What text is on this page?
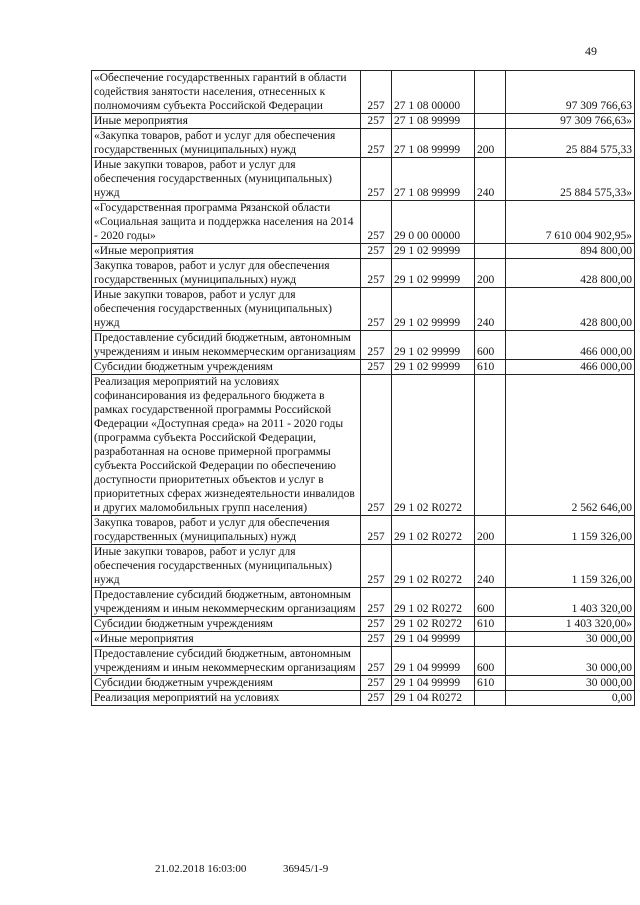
49
«Обеспечение государственных гарантий в области содействия занятости населения, отнесенных к полномочиям субъекта Российской Федерации	257	27 1 08 00000		97 309 766,63
Иные мероприятия	257	27 1 08 99999		97 309 766,63»
«Закупка товаров, работ и услуг для обеспечения государственных (муниципальных) нужд	257	27 1 08 99999	200	25 884 575,33
Иные закупки товаров, работ и услуг для обеспечения государственных (муниципальных) нужд	257	27 1 08 99999	240	25 884 575,33»
«Государственная программа Рязанской области «Социальная защита и поддержка населения на 2014 - 2020 годы»	257	29 0 00 00000		7 610 004 902,95»
«Иные мероприятия	257	29 1 02 99999		894 800,00
Закупка товаров, работ и услуг для обеспечения государственных (муниципальных) нужд	257	29 1 02 99999	200	428 800,00
Иные закупки товаров, работ и услуг для обеспечения государственных (муниципальных) нужд	257	29 1 02 99999	240	428 800,00
Предоставление субсидий бюджетным, автономным учреждениям и иным некоммерческим организациям	257	29 1 02 99999	600	466 000,00
Субсидии бюджетным учреждениям	257	29 1 02 99999	610	466 000,00
Реализация мероприятий на условиях софинансирования из федерального бюджета в рамках государственной программы Российской Федерации «Доступная среда» на 2011 - 2020 годы (программа субъекта Российской Федерации, разработанная на основе примерной программы субъекта Российской Федерации по обеспечению доступности приоритетных объектов и услуг в приоритетных сферах жизнедеятельности инвалидов и других маломобильных групп населения)	257	29 1 02 R0272		2 562 646,00
Закупка товаров, работ и услуг для обеспечения государственных (муниципальных) нужд	257	29 1 02 R0272	200	1 159 326,00
Иные закупки товаров, работ и услуг для обеспечения государственных (муниципальных) нужд	257	29 1 02 R0272	240	1 159 326,00
Предоставление субсидий бюджетным, автономным учреждениям и иным некоммерческим организациям	257	29 1 02 R0272	600	1 403 320,00
Субсидии бюджетным учреждениям	257	29 1 02 R0272	610	1 403 320,00»
«Иные мероприятия	257	29 1 04 99999		30 000,00
Предоставление субсидий бюджетным, автономным учреждениям и иным некоммерческим организациям	257	29 1 04 99999	600	30 000,00
Субсидии бюджетным учреждениям	257	29 1 04 99999	610	30 000,00
Реализация мероприятий на условиях	257	29 1 04 R0272		0,00
21.02.2018 16:03:00	36945/1-9
